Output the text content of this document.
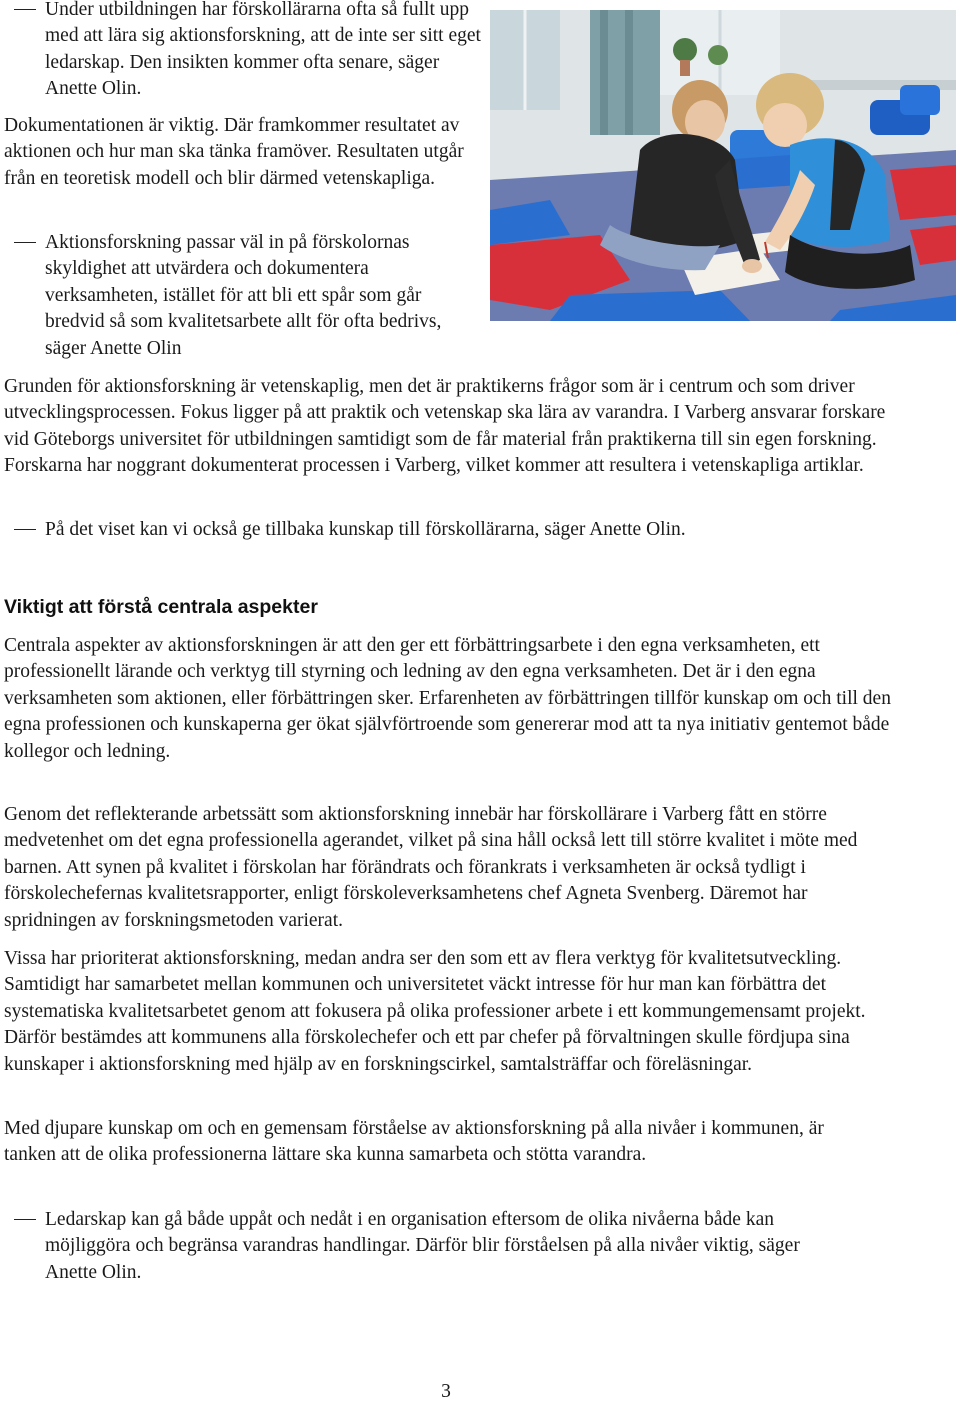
Under utbildningen har förskollärarna ofta så fullt upp med att lära sig aktionsforskning, att de inte ser sitt eget ledarskap. Den insikten kommer ofta senare, säger Anette Olin.

Dokumentationen är viktig. Där framkommer resultatet av aktionen och hur man ska tänka framöver. Resultaten utgår från en teoretisk modell och blir därmed vetenskapliga.

Aktionsforskning passar väl in på förskolornas skyldighet att utvärdera och dokumentera verksamheten, istället för att bli ett spår som går bredvid så som kvalitetsarbete allt för ofta bedrivs, säger Anette Olin

Grunden för aktionsforskning är vetenskaplig, men det är praktikerns frågor som är i centrum och som driver utvecklingsprocessen. Fokus ligger på att praktik och vetenskap ska lära av varandra. I Varberg ansvarar forskare vid Göteborgs universitet för utbildningen samtidigt som de får material från praktikerna till sin egen forskning. Forskarna har noggrant dokumenterat processen i Varberg, vilket kommer att resultera i vetenskapliga artiklar.

På det viset kan vi också ge tillbaka kunskap till förskollärarna, säger Anette Olin.
Viktigt att förstå centrala aspekter

Centrala aspekter av aktionsforskningen är att den ger ett förbättringsarbete i den egna verksamheten, ett professionellt lärande och verktyg till styrning och ledning av den egna verksamheten. Det är i den egna verksamheten som aktionen, eller förbättringen sker. Erfarenheten av förbättringen tillför kunskap om och till den egna professionen och kunskaperna ger ökat självförtroende som genererar mod att ta nya initiativ gentemot både kollegor och ledning.

Genom det reflekterande arbetssätt som aktionsforskning innebär har förskollärare i Varberg fått en större medvetenhet om det egna professionella agerandet, vilket på sina håll också lett till större kvalitet i möte med barnen. Att synen på kvalitet i förskolan har förändrats och förankrats i verksamheten är också tydligt i förskolechefernas kvalitetsrapporter, enligt förskoleverksamhetens chef Agneta Svenberg. Däremot har spridningen av forskningsmetoden varierat.

Vissa har prioriterat aktionsforskning, medan andra ser den som ett av flera verktyg för kvalitetsutveckling. Samtidigt har samarbetet mellan kommunen och universitetet väckt intresse för hur man kan förbättra det systematiska kvalitetsarbetet genom att fokusera på olika professioner arbete i ett kommungemensamt projekt. Därför bestämdes att kommunens alla förskolechefer och ett par chefer på förvaltningen skulle fördjupa sina kunskaper i aktionsforskning med hjälp av en forskningscirkel, samtalsträffar och föreläsningar.

Med djupare kunskap om och en gemensam förståelse av aktionsforskning på alla nivåer i kommunen, är tanken att de olika professionerna lättare ska kunna samarbeta och stötta varandra.

Ledarskap kan gå både uppåt och nedåt i en organisation eftersom de olika nivåerna både kan möjliggöra och begränsa varandras handlingar. Därför blir förståelsen på alla nivåer viktig, säger Anette Olin.
3
